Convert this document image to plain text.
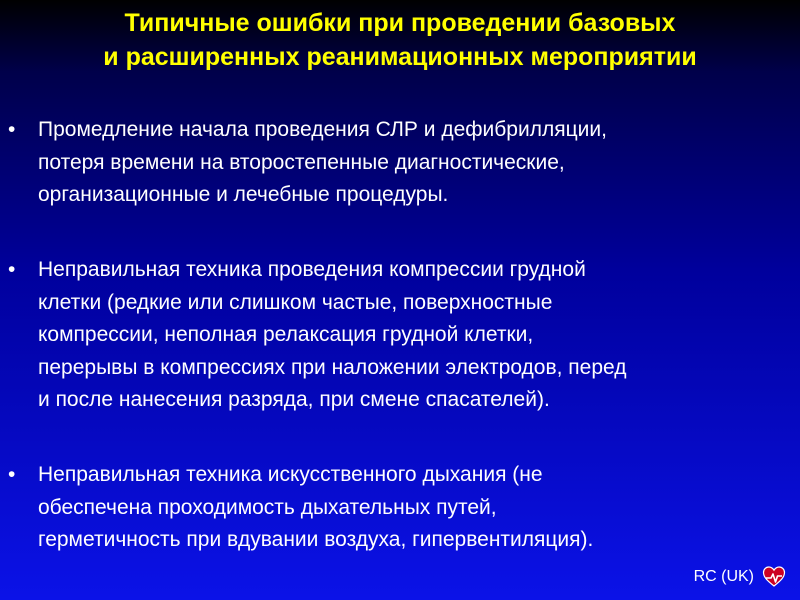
Типичные ошибки при проведении базовых
и расширенных реанимационных мероприятии
•	Промедление начала проведения СЛР и дефибрилляции,
потеря времени на второстепенные диагностические,
организационные и лечебные процедуры.
•	Неправильная техника проведения компрессии грудной
клетки (редкие или слишком частые, поверхностные
компрессии, неполная релаксация грудной клетки,
перерывы в компрессиях при наложении электродов, перед
и после нанесения разряда, при смене спасателей).
•	Неправильная техника искусственного дыхания (не
обеспечена проходимость дыхательных путей,
герметичность при вдувании воздуха, гипервентиляция).
RC (UK)
